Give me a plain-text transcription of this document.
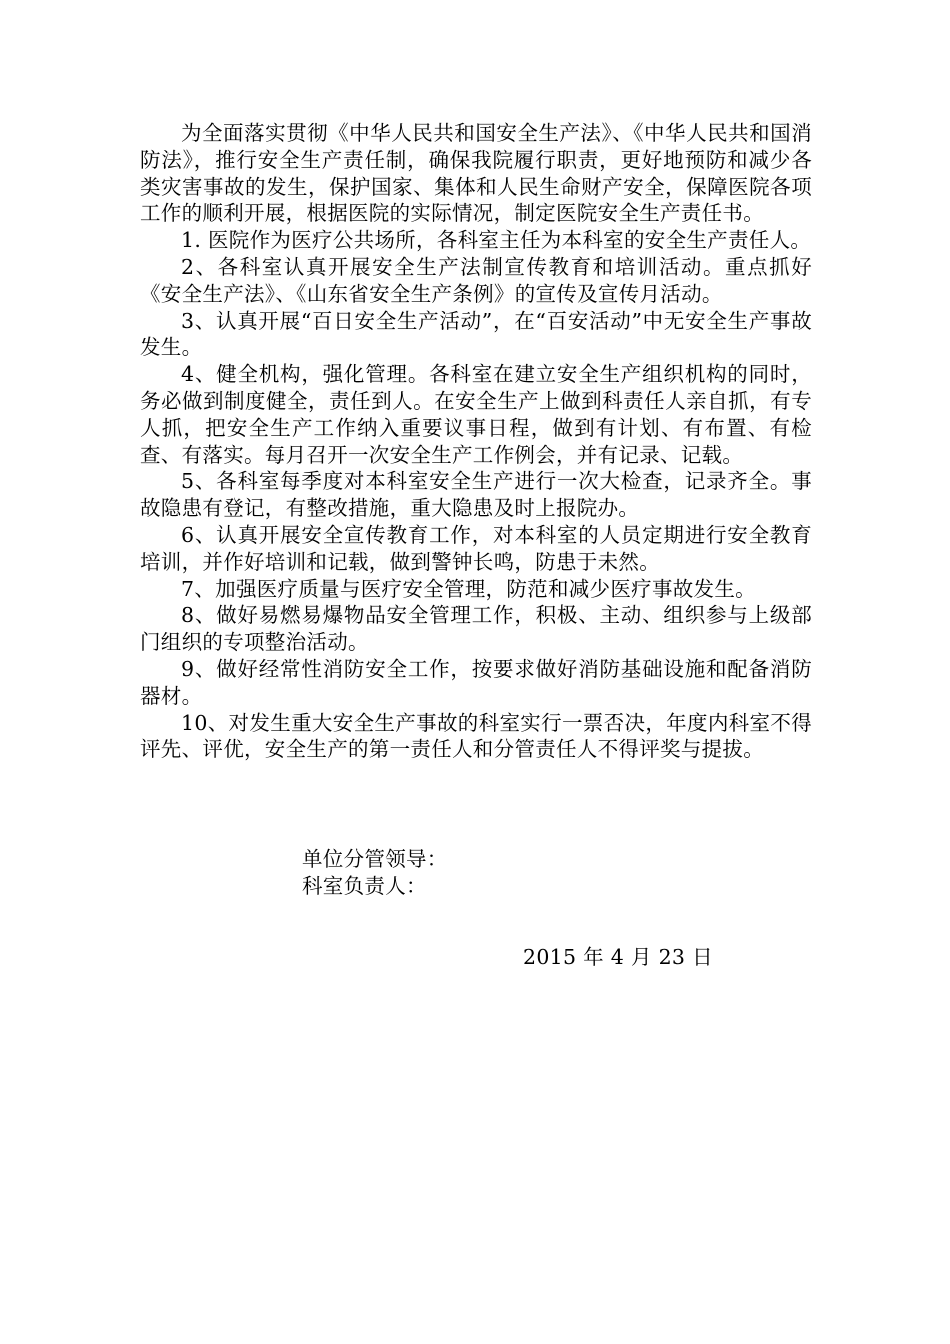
为全面落实贯彻《中华人民共和国安全生产法》、《中华人民共和国消防法》，推行安全生产责任制，确保我院履行职责，更好地预防和减少各类灾害事故的发生，保护国家、集体和人民生命财产安全，保障医院各项工作的顺利开展，根据医院的实际情况，制定医院安全生产责任书。

1. 医院作为医疗公共场所，各科室主任为本科室的安全生产责任人。

2、各科室认真开展安全生产法制宣传教育和培训活动。重点抓好《安全生产法》、《山东省安全生产条例》的宣传及宣传月活动。

3、认真开展“百日安全生产活动”，在“百安活动”中无安全生产事故发生。

4、健全机构，强化管理。各科室在建立安全生产组织机构的同时，务必做到制度健全，责任到人。在安全生产上做到科责任人亲自抓，有专人抓，把安全生产工作纳入重要议事日程，做到有计划、有布置、有检查、有落实。每月召开一次安全生产工作例会，并有记录、记载。

5、各科室每季度对本科室安全生产进行一次大检查，记录齐全。事故隐患有登记，有整改措施，重大隐患及时上报院办。

6、认真开展安全宣传教育工作，对本科室的人员定期进行安全教育培训，并作好培训和记载，做到警钟长鸣，防患于未然。

7、加强医疗质量与医疗安全管理，防范和减少医疗事故发生。

8、做好易燃易爆物品安全管理工作，积极、主动、组织参与上级部门组织的专项整治活动。

9、做好经常性消防安全工作，按要求做好消防基础设施和配备消防器材。

10、对发生重大安全生产事故的科室实行一票否决，年度内科室不得评先、评优，安全生产的第一责任人和分管责任人不得评奖与提拔。

单位分管领导：

科室负责人：

2015 年 4 月 23 日
